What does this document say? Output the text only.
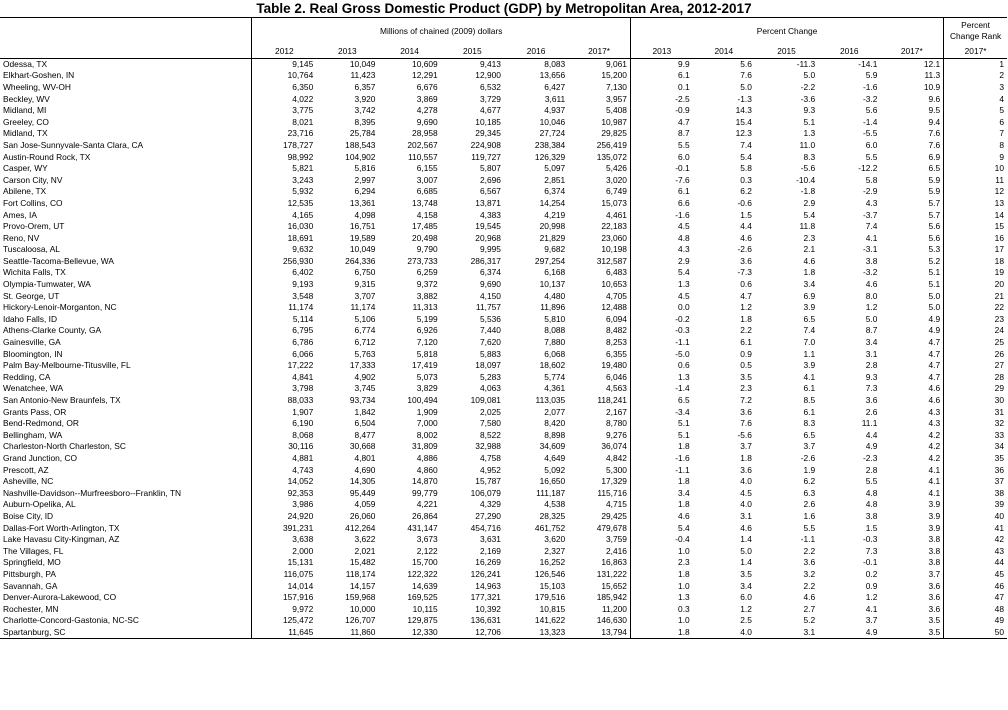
Table 2. Real Gross Domestic Product (GDP) by Metropolitan Area, 2012-2017
	Millions of chained (2009) dollars						Percent Change					Percent
Change Rank

	2012	2013	2014	2015	2016	2017*	2013	2014	2015	2016	2017*	2017*
Odessa, TX	9,145	10,049	10,609	9,413	8,083	9,061	9.9	5.6	-11.3	-14.1	12.1	1
Elkhart-Goshen, IN	10,764	11,423	12,291	12,900	13,656	15,200	6.1	7.6	5.0	5.9	11.3	2
Wheeling, WV-OH	6,350	6,357	6,676	6,532	6,427	7,130	0.1	5.0	-2.2	-1.6	10.9	3
Beckley, WV	4,022	3,920	3,869	3,729	3,611	3,957	-2.5	-1.3	-3.6	-3.2	9.6	4
Midland, MI	3,775	3,742	4,278	4,677	4,937	5,408	-0.9	14.3	9.3	5.6	9.5	5
Greeley, CO	8,021	8,395	9,690	10,185	10,046	10,987	4.7	15.4	5.1	-1.4	9.4	6
Midland, TX	23,716	25,784	28,958	29,345	27,724	29,825	8.7	12.3	1.3	-5.5	7.6	7
San Jose-Sunnyvale-Santa Clara, CA	178,727	188,543	202,567	224,908	238,384	256,419	5.5	7.4	11.0	6.0	7.6	8
Austin-Round Rock, TX	98,992	104,902	110,557	119,727	126,329	135,072	6.0	5.4	8.3	5.5	6.9	9
Casper, WY	5,821	5,816	6,155	5,807	5,097	5,426	-0.1	5.8	-5.6	-12.2	6.5	10
Carson City, NV	3,243	2,997	3,007	2,696	2,851	3,020	-7.6	0.3	-10.4	5.8	5.9	11
Abilene, TX	5,932	6,294	6,685	6,567	6,374	6,749	6.1	6.2	-1.8	-2.9	5.9	12
Fort Collins, CO	12,535	13,361	13,748	13,871	14,254	15,073	6.6	-0.6	2.9	4.3	5.7	13
Ames, IA	4,165	4,098	4,158	4,383	4,219	4,461	-1.6	1.5	5.4	-3.7	5.7	14
Provo-Orem, UT	16,030	16,751	17,485	19,545	20,998	22,183	4.5	4.4	11.8	7.4	5.6	15
Reno, NV	18,691	19,589	20,498	20,968	21,829	23,060	4.8	4.6	2.3	4.1	5.6	16
Tuscaloosa, AL	9,632	10,049	9,790	9,995	9,682	10,198	4.3	-2.6	2.1	-3.1	5.3	17
Seattle-Tacoma-Bellevue, WA	256,930	264,336	273,733	286,317	297,254	312,587	2.9	3.6	4.6	3.8	5.2	18
Wichita Falls, TX	6,402	6,750	6,259	6,374	6,168	6,483	5.4	-7.3	1.8	-3.2	5.1	19
Olympia-Tumwater, WA	9,193	9,315	9,372	9,690	10,137	10,653	1.3	0.6	3.4	4.6	5.1	20
St. George, UT	3,548	3,707	3,882	4,150	4,480	4,705	4.5	4.7	6.9	8.0	5.0	21
Hickory-Lenoir-Morganton, NC	11,174	11,174	11,313	11,757	11,896	12,488	0.0	1.2	3.9	1.2	5.0	22
Idaho Falls, ID	5,114	5,106	5,199	5,536	5,810	6,094	-0.2	1.8	6.5	5.0	4.9	23
Athens-Clarke County, GA	6,795	6,774	6,926	7,440	8,088	8,482	-0.3	2.2	7.4	8.7	4.9	24
Gainesville, GA	6,786	6,712	7,120	7,620	7,880	8,253	-1.1	6.1	7.0	3.4	4.7	25
Bloomington, IN	6,066	5,763	5,818	5,883	6,068	6,355	-5.0	0.9	1.1	3.1	4.7	26
Palm Bay-Melbourne-Titusville, FL	17,222	17,333	17,419	18,097	18,602	19,480	0.6	0.5	3.9	2.8	4.7	27
Redding, CA	4,841	4,902	5,073	5,283	5,774	6,046	1.3	3.5	4.1	9.3	4.7	28
Wenatchee, WA	3,798	3,745	3,829	4,063	4,361	4,563	-1.4	2.3	6.1	7.3	4.6	29
San Antonio-New Braunfels, TX	88,033	93,734	100,494	109,081	113,035	118,241	6.5	7.2	8.5	3.6	4.6	30
Grants Pass, OR	1,907	1,842	1,909	2,025	2,077	2,167	-3.4	3.6	6.1	2.6	4.3	31
Bend-Redmond, OR	6,190	6,504	7,000	7,580	8,420	8,780	5.1	7.6	8.3	11.1	4.3	32
Bellingham, WA	8,068	8,477	8,002	8,522	8,898	9,276	5.1	-5.6	6.5	4.4	4.2	33
Charleston-North Charleston, SC	30,116	30,668	31,809	32,988	34,609	36,074	1.8	3.7	3.7	4.9	4.2	34
Grand Junction, CO	4,881	4,801	4,886	4,758	4,649	4,842	-1.6	1.8	-2.6	-2.3	4.2	35
Prescott, AZ	4,743	4,690	4,860	4,952	5,092	5,300	-1.1	3.6	1.9	2.8	4.1	36
Asheville, NC	14,052	14,305	14,870	15,787	16,650	17,329	1.8	4.0	6.2	5.5	4.1	37
Nashville-Davidson--Murfreesboro--Franklin, TN	92,353	95,449	99,779	106,079	111,187	115,716	3.4	4.5	6.3	4.8	4.1	38
Auburn-Opelika, AL	3,986	4,059	4,221	4,329	4,538	4,715	1.8	4.0	2.6	4.8	3.9	39
Boise City, ID	24,920	26,060	26,864	27,290	28,325	29,425	4.6	3.1	1.6	3.8	3.9	40
Dallas-Fort Worth-Arlington, TX	391,231	412,264	431,147	454,716	461,752	479,678	5.4	4.6	5.5	1.5	3.9	41
Lake Havasu City-Kingman, AZ	3,638	3,622	3,673	3,631	3,620	3,759	-0.4	1.4	-1.1	-0.3	3.8	42
The Villages, FL	2,000	2,021	2,122	2,169	2,327	2,416	1.0	5.0	2.2	7.3	3.8	43
Springfield, MO	15,131	15,482	15,700	16,269	16,252	16,863	2.3	1.4	3.6	-0.1	3.8	44
Pittsburgh, PA	116,075	118,174	122,322	126,241	126,546	131,222	1.8	3.5	3.2	0.2	3.7	45
Savannah, GA	14,014	14,157	14,639	14,963	15,103	15,652	1.0	3.4	2.2	0.9	3.6	46
Denver-Aurora-Lakewood, CO	157,916	159,968	169,525	177,321	179,516	185,942	1.3	6.0	4.6	1.2	3.6	47
Rochester, MN	9,972	10,000	10,115	10,392	10,815	11,200	0.3	1.2	2.7	4.1	3.6	48
Charlotte-Concord-Gastonia, NC-SC	125,472	126,707	129,875	136,631	141,622	146,630	1.0	2.5	5.2	3.7	3.5	49
Spartanburg, SC	11,645	11,860	12,330	12,706	13,323	13,794	1.8	4.0	3.1	4.9	3.5	50
